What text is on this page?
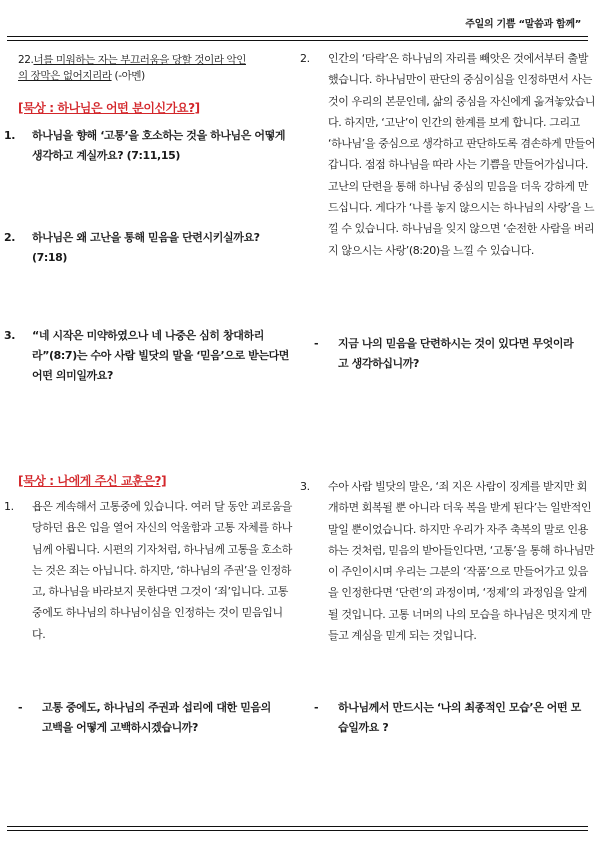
주일의 기쁨 “말씀과 함께”
22.너를 미워하는 자는 부끄러움을 당할 것이라 악인
의 장막은 없어지리라 (-아멘)
[묵상 : 하나님은 어떤 분이신가요?]
1. 하나님을 향해 ‘고통’을 호소하는 것을 하나님은 어떻게 생각하고 계실까요? (7:11,15)
2. 하나님은 왜 고난을 통해 믿음을 단련시키실까요? (7:18)
3. “네 시작은 미약하였으나 네 나중은 심히 창대하리라”(8:7)는 수아 사람 빌닷의 말을 ‘믿음’으로 받는다면 어떤 의미일까요?
2. 인간의 ‘타락’은 하나님의 자리를 빼앗은 것에서부터 출발했습니다. 하나님만이 판단의 중심이심을 인정하면서 사는 것이 우리의 본문인데, 삶의 중심을 자신에게 옮겨놓았습니다. 하지만, ‘고난’이 인간의 한계를 보게 합니다. 그리고 ‘하나님’을 중심으로 생각하고 판단하도록 겸손하게 만들어갑니다. 점점 하나님을 따라 사는 기쁨을 만들어가십니다. 고난의 단련을 통해 하나님 중심의 믿음을 더욱 강하게 만드십니다. 게다가 ‘나를 놓지 않으시는 하나님의 사랑’을 느낄 수 있습니다. 하나님을 잊지 않으면 ‘순전한 사람을 버리지 않으시는 사랑’(8:20)을 느낄 수 있습니다.
-	지금 나의 믿음을 단련하시는 것이 있다면 무엇이라고 생각하십니까?
[묵상 : 나에게 주신 교훈은?]
1. 욥은 계속해서 고통중에 있습니다. 여러 달 동안 괴로움을 당하던 욥은 입을 열어 자신의 억울함과 고통 자체를 하나님께 아룁니다. 시편의 기자처럼, 하나님께 고통을 호소하는 것은 죄는 아닙니다. 하지만, ‘하나님의 주권’을 인정하고, 하나님을 바라보지 못한다면 그것이 ‘죄’입니다. 고통 중에도 하나님의 하나님이심을 인정하는 것이 믿음입니다.
-	고통 중에도, 하나님의 주권과 섭리에 대한 믿음의 고백을 어떻게 고백하시겠습니까?
3. 수아 사람 빌닷의 말은, ‘죄 지은 사람이 징계를 받지만 회개하면 회복될 뿐 아니라 더욱 복을 받게 된다’는 일반적인 말일 뿐이었습니다. 하지만 우리가 자주 축복의 말로 인용하는 것처럼, 믿음의 받아들인다면, ‘고통’을 통해 하나님만이 주인이시며 우리는 그분의 ‘작품’으로 만들어가고 있음을 인정한다면 ‘단련’의 과정이며, ‘정제’의 과정임을 알게 될 것입니다. 고통 너머의 나의 모습을 하나님은 멋지게 만들고 계심을 믿게 되는 것입니다.
-	하나님께서 만드시는 ‘나의 최종적인 모습’은 어떤 모습일까요 ?
